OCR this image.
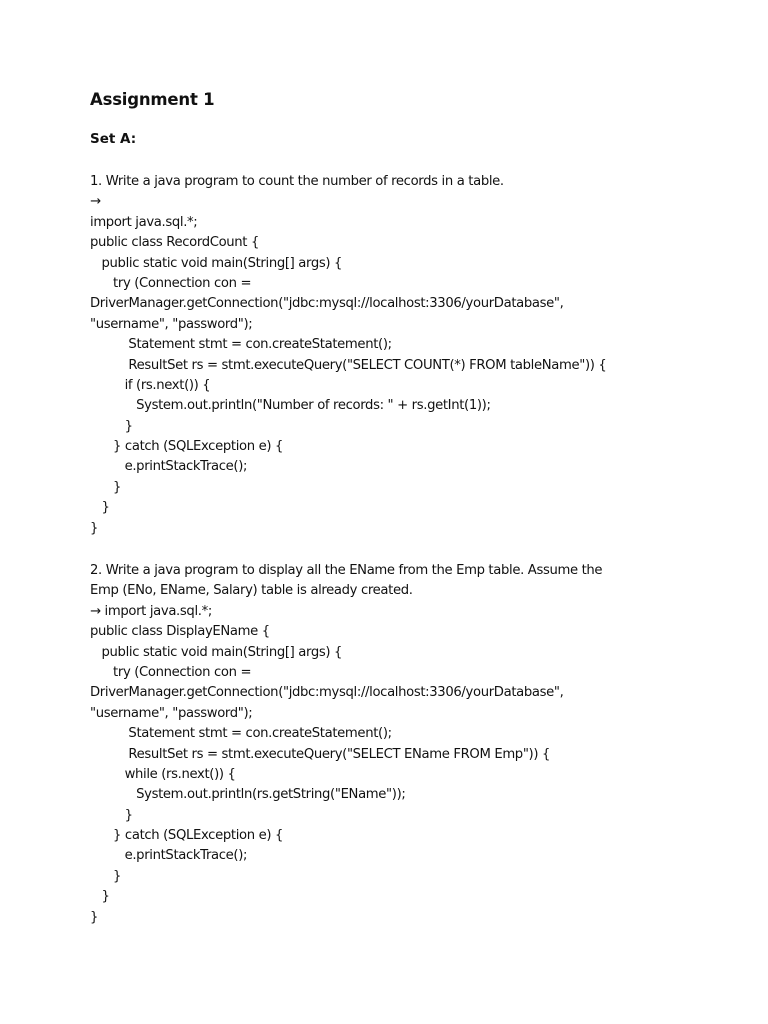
Assignment 1
Set A:
1. Write a java program to count the number of records in a table.
→
import java.sql.*;
public class RecordCount {
public static void main(String[] args) {
try (Connection con =
DriverManager.getConnection("jdbc:mysql://localhost:3306/yourDatabase",
"username", "password");
Statement stmt = con.createStatement();
ResultSet rs = stmt.executeQuery("SELECT COUNT(*) FROM tableName")) {
if (rs.next()) {
System.out.println("Number of records: " + rs.getInt(1));
}
} catch (SQLException e) {
e.printStackTrace();
}
}
}
2. Write a java program to display all the EName from the Emp table. Assume the
Emp (ENo, EName, Salary) table is already created.
→ import java.sql.*;
public class DisplayEName {
public static void main(String[] args) {
try (Connection con =
DriverManager.getConnection("jdbc:mysql://localhost:3306/yourDatabase",
"username", "password");
Statement stmt = con.createStatement();
ResultSet rs = stmt.executeQuery("SELECT EName FROM Emp")) {
while (rs.next()) {
System.out.println(rs.getString("EName"));
}
} catch (SQLException e) {
e.printStackTrace();
}
}
}
